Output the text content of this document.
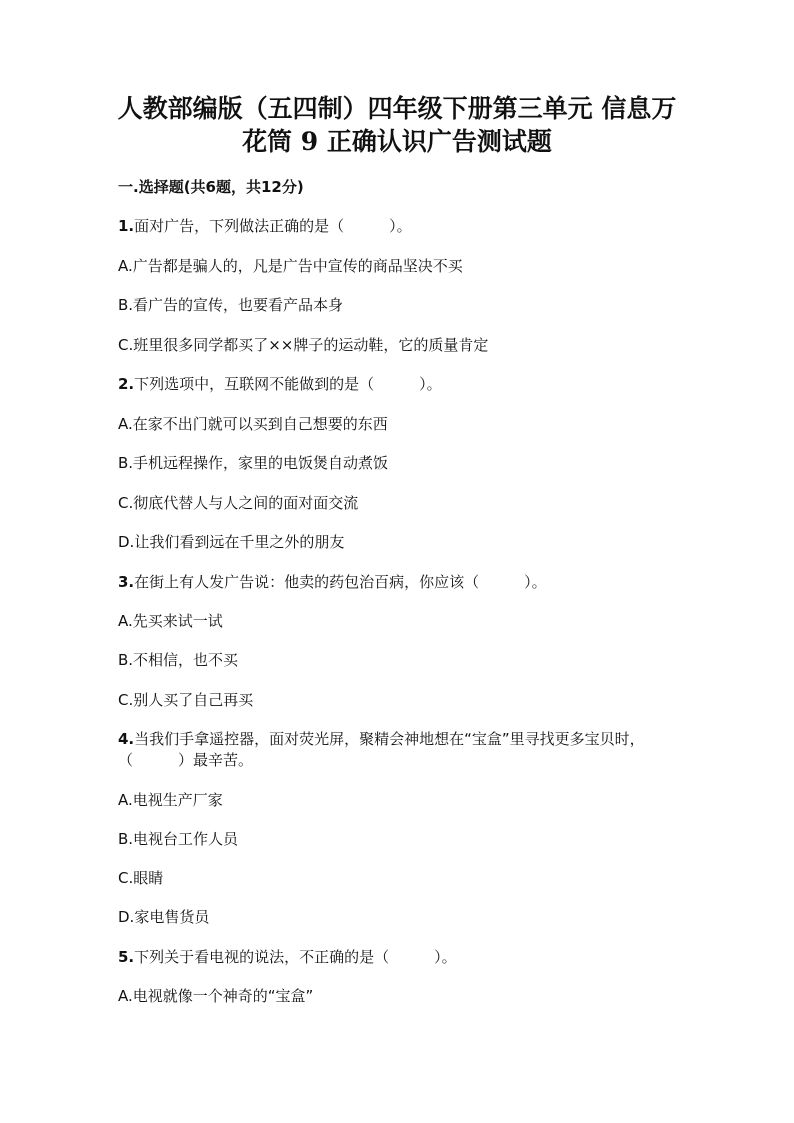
人教部编版（五四制）四年级下册第三单元 信息万
花筒 9 正确认识广告测试题
一.选择题(共6题，共12分)
1.面对广告，下列做法正确的是（　　　）。
A.广告都是骗人的，凡是广告中宣传的商品坚决不买
B.看广告的宣传，也要看产品本身
C.班里很多同学都买了××牌子的运动鞋，它的质量肯定
2.下列选项中，互联网不能做到的是（　　　）。
A.在家不出门就可以买到自己想要的东西
B.手机远程操作，家里的电饭煲自动煮饭
C.彻底代替人与人之间的面对面交流
D.让我们看到远在千里之外的朋友
3.在街上有人发广告说：他卖的药包治百病，你应该（　　　）。
A.先买来试一试
B.不相信，也不买
C.别人买了自己再买
4.当我们手拿遥控器，面对荧光屏，聚精会神地想在“宝盒”里寻找更多宝贝时，（　　　）最辛苦。
A.电视生产厂家
B.电视台工作人员
C.眼睛
D.家电售货员
5.下列关于看电视的说法，不正确的是（　　　）。
A.电视就像一个神奇的“宝盒”
